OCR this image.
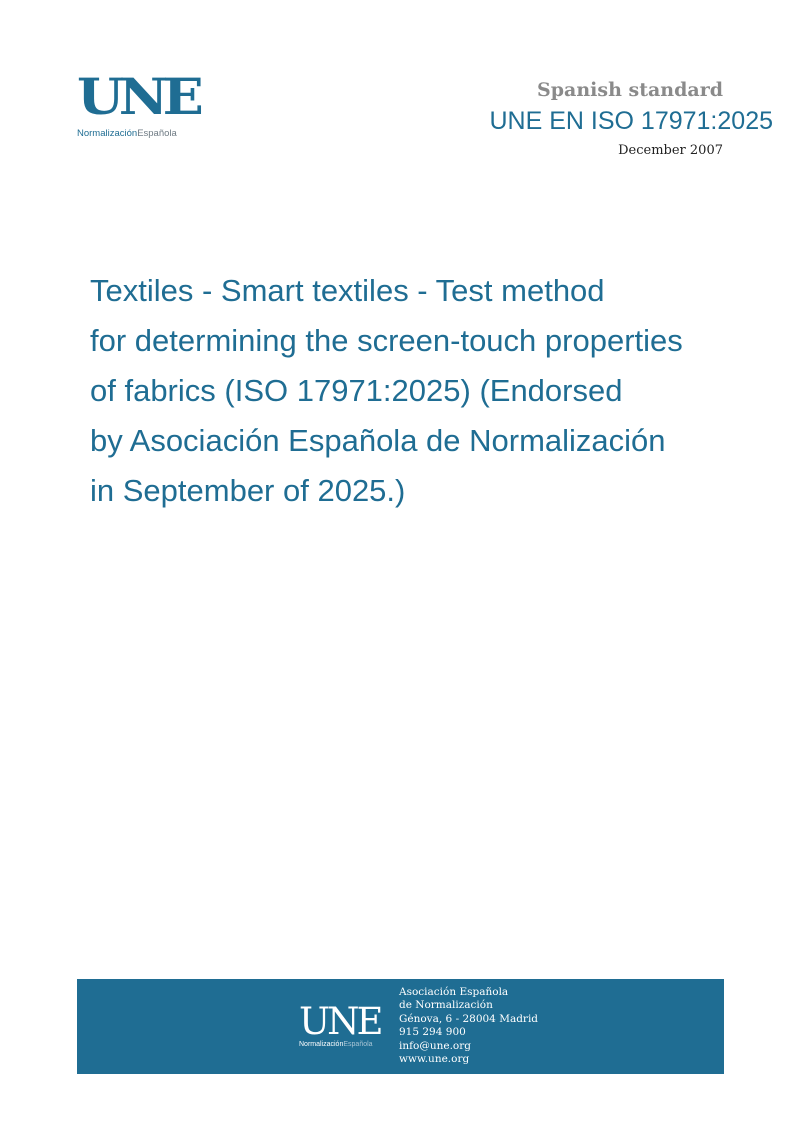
UNE
NormalizaciónEspañola
Spanish standard
UNE EN ISO 17971:2025
December 2007
Textiles - Smart textiles - Test method
for determining the screen-touch properties
of fabrics (ISO 17971:2025) (Endorsed
by Asociación Española de Normalización
in September of 2025.)
UNE
NormalizaciónEspañola
Asociación Española
de Normalización
Génova, 6 - 28004 Madrid
915 294 900
info@une.org
www.une.org
